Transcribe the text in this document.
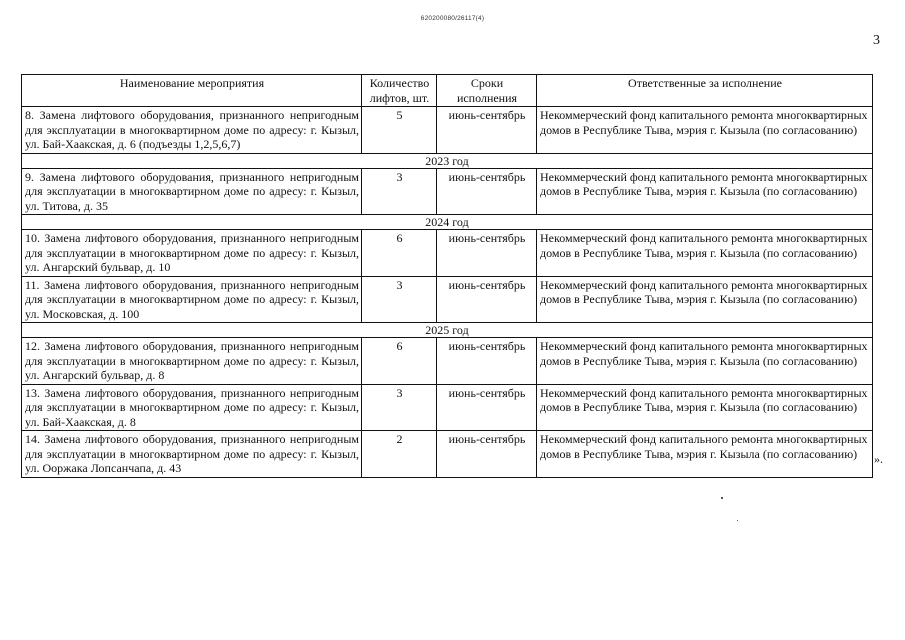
620200080/26117(4)
3
Наименование мероприятия	Количество лифтов, шт.	Сроки исполнения	Ответственные за исполнение
8. Замена лифтового оборудования, признанного непригодным для эксплуатации в многоквартирном доме по адресу: г. Кызыл, ул. Бай-Хаакская, д. 6 (подъезды 1,2,5,6,7)	5	июнь-сентябрь	Некоммерческий фонд капитального ремонта многоквартирных домов в Республике Тыва, мэрия г. Кызыла (по согласованию)
2023 год			
9. Замена лифтового оборудования, признанного непригодным для эксплуатации в многоквартирном доме по адресу: г. Кызыл, ул. Титова, д. 35	3	июнь-сентябрь	Некоммерческий фонд капитального ремонта многоквартирных домов в Республике Тыва, мэрия г. Кызыла (по согласованию)
2024 год			
10. Замена лифтового оборудования, признанного непригодным для эксплуатации в многоквартирном доме по адресу: г. Кызыл, ул. Ангарский бульвар, д. 10	6	июнь-сентябрь	Некоммерческий фонд капитального ремонта многоквартирных домов в Республике Тыва, мэрия г. Кызыла (по согласованию)
11. Замена лифтового оборудования, признанного непригодным для эксплуатации в многоквартирном доме по адресу: г. Кызыл, ул. Московская, д. 100	3	июнь-сентябрь	Некоммерческий фонд капитального ремонта многоквартирных домов в Республике Тыва, мэрия г. Кызыла (по согласованию)
2025 год			
12. Замена лифтового оборудования, признанного непригодным для эксплуатации в многоквартирном доме по адресу: г. Кызыл, ул. Ангарский бульвар, д. 8	6	июнь-сентябрь	Некоммерческий фонд капитального ремонта многоквартирных домов в Республике Тыва, мэрия г. Кызыла (по согласованию)
13. Замена лифтового оборудования, признанного непригодным для эксплуатации в многоквартирном доме по адресу: г. Кызыл, ул. Бай-Хаакская, д. 8	3	июнь-сентябрь	Некоммерческий фонд капитального ремонта многоквартирных домов в Республике Тыва, мэрия г. Кызыла (по согласованию)
14. Замена лифтового оборудования, признанного непригодным для эксплуатации в многоквартирном доме по адресу: г. Кызыл, ул. Ооржака Лопсанчапа, д. 43	2	июнь-сентябрь	Некоммерческий фонд капитального ремонта многоквартирных домов в Республике Тыва, мэрия г. Кызыла (по согласованию) ».
